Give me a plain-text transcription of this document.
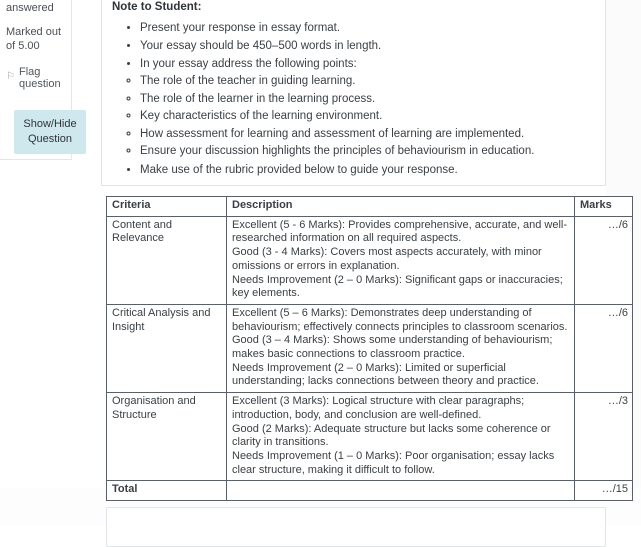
answered
Marked out of 5.00
⚐ Flag question
Show/Hide
Question
Note to Student:
• Present your response in essay format.
• Your essay should be 450–500 words in length.
• In your essay address the following points:
◦ The role of the teacher in guiding learning.
◦ The role of the learner in the learning process.
◦ Key characteristics of the learning environment.
◦ How assessment for learning and assessment of learning are implemented.
◦ Ensure your discussion highlights the principles of behaviourism in education.
• Make use of the rubric provided below to guide your response.
Criteria	Description	Marks
Content and Relevance	Excellent (5 - 6 Marks): Provides comprehensive, accurate, and well-researched information on all required aspects.
Good (3 - 4 Marks): Covers most aspects accurately, with minor omissions or errors in explanation.
Needs Improvement (2 – 0 Marks): Significant gaps or inaccuracies; key elements.	…/6
Critical Analysis and Insight	Excellent (5 – 6 Marks): Demonstrates deep understanding of behaviourism; effectively connects principles to classroom scenarios.
Good (3 – 4 Marks): Shows some understanding of behaviourism; makes basic connections to classroom practice.
Needs Improvement (2 – 0 Marks): Limited or superficial understanding; lacks connections between theory and practice.	…/6
Organisation and Structure	Excellent (3 Marks): Logical structure with clear paragraphs; introduction, body, and conclusion are well-defined.
Good (2 Marks): Adequate structure but lacks some coherence or clarity in transitions.
Needs Improvement (1 – 0 Marks): Poor organisation; essay lacks clear structure, making it difficult to follow.	…/3
Total		…/15
